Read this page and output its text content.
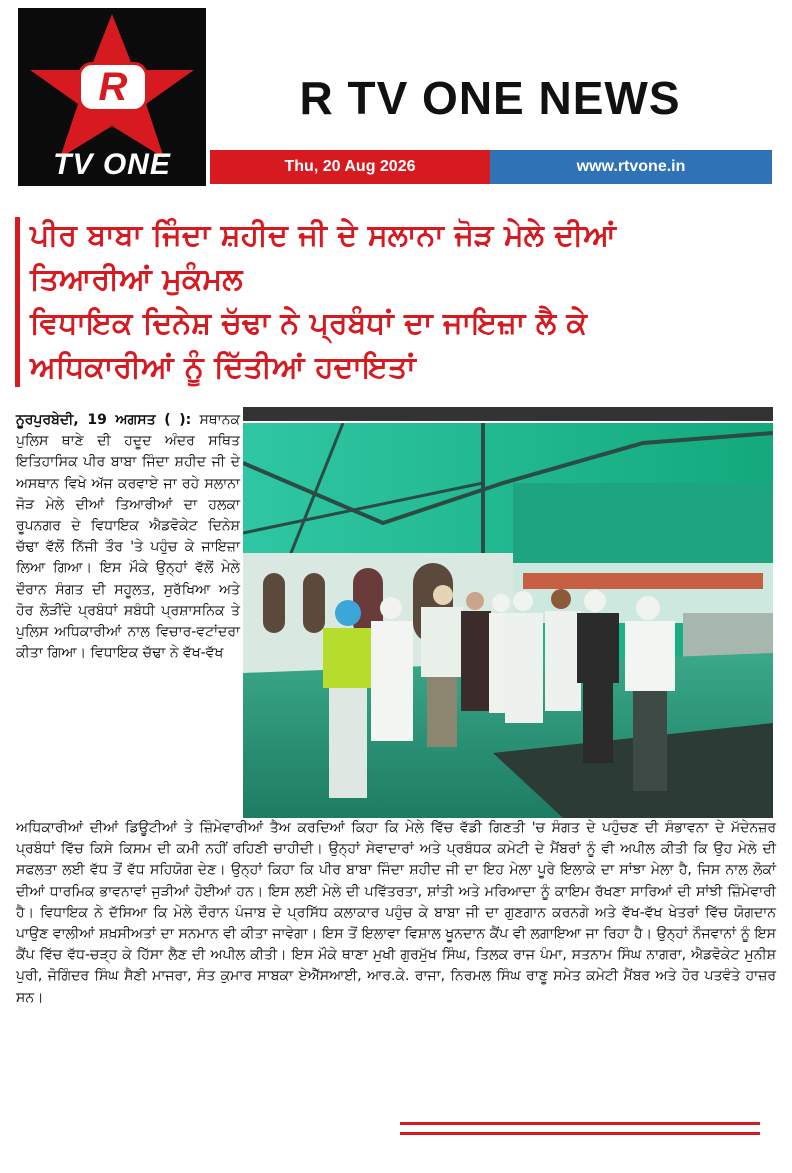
R
TV ONE
R TV ONE NEWS
Thu, 20 Aug 2026	www.rtvone.in
ਪੀਰ ਬਾਬਾ ਜਿੰਦਾ ਸ਼ਹੀਦ ਜੀ ਦੇ ਸਲਾਨਾ ਜੋੜ ਮੇਲੇ ਦੀਆਂ
ਤਿਆਰੀਆਂ ਮੁਕੰਮਲ
ਵਿਧਾਇਕ ਦਿਨੇਸ਼ ਚੱਢਾ ਨੇ ਪ੍ਰਬੰਧਾਂ ਦਾ ਜਾਇਜ਼ਾ ਲੈ ਕੇ
ਅਧਿਕਾਰੀਆਂ ਨੂੰ ਦਿੱਤੀਆਂ ਹਦਾਇਤਾਂ
ਨੂਰਪੁਰਬੇਦੀ, 19 ਅਗਸਤ ( ): ਸਥਾਨਕ ਪੁਲਿਸ ਥਾਣੇ ਦੀ ਹਦੂਦ ਅੰਦਰ ਸਥਿਤ ਇਤਿਹਾਸਿਕ ਪੀਰ ਬਾਬਾ ਜਿੰਦਾ ਸ਼ਹੀਦ ਜੀ ਦੇ ਅਸਥਾਨ ਵਿਖੇ ਅੱਜ ਕਰਵਾਏ ਜਾ ਰਹੇ ਸਲਾਨਾ ਜੋੜ ਮੇਲੇ ਦੀਆਂ ਤਿਆਰੀਆਂ ਦਾ ਹਲਕਾ ਰੂਪਨਗਰ ਦੇ ਵਿਧਾਇਕ ਐਡਵੋਕੇਟ ਦਿਨੇਸ਼ ਚੱਢਾ ਵੱਲੋਂ ਨਿੱਜੀ ਤੌਰ 'ਤੇ ਪਹੁੰਚ ਕੇ ਜਾਇਜ਼ਾ ਲਿਆ ਗਿਆ। ਇਸ ਮੌਕੇ ਉਨ੍ਹਾਂ ਵੱਲੋਂ ਮੇਲੇ ਦੌਰਾਨ ਸੰਗਤ ਦੀ ਸਹੂਲਤ, ਸੁਰੱਖਿਆ ਅਤੇ ਹੋਰ ਲੋੜੀਂਦੇ ਪ੍ਰਬੰਧਾਂ ਸਬੰਧੀ ਪ੍ਰਸ਼ਾਸਨਿਕ ਤੇ ਪੁਲਿਸ ਅਧਿਕਾਰੀਆਂ ਨਾਲ ਵਿਚਾਰ-ਵਟਾਂਦਰਾ ਕੀਤਾ ਗਿਆ। ਵਿਧਾਇਕ ਚੱਢਾ ਨੇ ਵੱਖ-ਵੱਖ
ਅਧਿਕਾਰੀਆਂ ਦੀਆਂ ਡਿਊਟੀਆਂ ਤੇ ਜ਼ਿੰਮੇਵਾਰੀਆਂ ਤੈਅ ਕਰਦਿਆਂ ਕਿਹਾ ਕਿ ਮੇਲੇ ਵਿੱਚ ਵੱਡੀ ਗਿਣਤੀ 'ਚ ਸੰਗਤ ਦੇ ਪਹੁੰਚਣ ਦੀ ਸੰਭਾਵਨਾ ਦੇ ਮੱਦੇਨਜ਼ਰ ਪ੍ਰਬੰਧਾਂ ਵਿੱਚ ਕਿਸੇ ਕਿਸਮ ਦੀ ਕਮੀ ਨਹੀਂ ਰਹਿਣੀ ਚਾਹੀਦੀ। ਉਨ੍ਹਾਂ ਸੇਵਾਦਾਰਾਂ ਅਤੇ ਪ੍ਰਬੰਧਕ ਕਮੇਟੀ ਦੇ ਮੈਂਬਰਾਂ ਨੂੰ ਵੀ ਅਪੀਲ ਕੀਤੀ ਕਿ ਉਹ ਮੇਲੇ ਦੀ ਸਫਲਤਾ ਲਈ ਵੱਧ ਤੋਂ ਵੱਧ ਸਹਿਯੋਗ ਦੇਣ। ਉਨ੍ਹਾਂ ਕਿਹਾ ਕਿ ਪੀਰ ਬਾਬਾ ਜਿੰਦਾ ਸ਼ਹੀਦ ਜੀ ਦਾ ਇਹ ਮੇਲਾ ਪੂਰੇ ਇਲਾਕੇ ਦਾ ਸਾਂਝਾ ਮੇਲਾ ਹੈ, ਜਿਸ ਨਾਲ ਲੋਕਾਂ ਦੀਆਂ ਧਾਰਮਿਕ ਭਾਵਨਾਵਾਂ ਜੁੜੀਆਂ ਹੋਈਆਂ ਹਨ। ਇਸ ਲਈ ਮੇਲੇ ਦੀ ਪਵਿੱਤਰਤਾ, ਸ਼ਾਂਤੀ ਅਤੇ ਮਰਿਆਦਾ ਨੂੰ ਕਾਇਮ ਰੱਖਣਾ ਸਾਰਿਆਂ ਦੀ ਸਾਂਝੀ ਜ਼ਿੰਮੇਵਾਰੀ ਹੈ। ਵਿਧਾਇਕ ਨੇ ਦੱਸਿਆ ਕਿ ਮੇਲੇ ਦੌਰਾਨ ਪੰਜਾਬ ਦੇ ਪ੍ਰਸਿੱਧ ਕਲਾਕਾਰ ਪਹੁੰਚ ਕੇ ਬਾਬਾ ਜੀ ਦਾ ਗੁਣਗਾਨ ਕਰਨਗੇ ਅਤੇ ਵੱਖ-ਵੱਖ ਖੇਤਰਾਂ ਵਿੱਚ ਯੋਗਦਾਨ ਪਾਉਣ ਵਾਲੀਆਂ ਸ਼ਖ਼ਸੀਅਤਾਂ ਦਾ ਸਨਮਾਨ ਵੀ ਕੀਤਾ ਜਾਵੇਗਾ। ਇਸ ਤੋਂ ਇਲਾਵਾ ਵਿਸ਼ਾਲ ਖੂਨਦਾਨ ਕੈਂਪ ਵੀ ਲਗਾਇਆ ਜਾ ਰਿਹਾ ਹੈ। ਉਨ੍ਹਾਂ ਨੌਜਵਾਨਾਂ ਨੂੰ ਇਸ ਕੈਂਪ ਵਿੱਚ ਵੱਧ-ਚੜ੍ਹ ਕੇ ਹਿੱਸਾ ਲੈਣ ਦੀ ਅਪੀਲ ਕੀਤੀ। ਇਸ ਮੌਕੇ ਥਾਣਾ ਮੁਖੀ ਗੁਰਮੁੱਖ ਸਿੰਘ, ਤਿਲਕ ਰਾਜ ਪੰਮਾ, ਸਤਨਾਮ ਸਿੰਘ ਨਾਗਰਾ, ਐਡਵੋਕੇਟ ਮੁਨੀਸ਼ ਪੁਰੀ, ਜੋਗਿੰਦਰ ਸਿੰਘ ਸੈਣੀ ਮਾਜਰਾ, ਸੰਤ ਕੁਮਾਰ ਸਾਬਕਾ ਏਐੱਸਆਈ, ਆਰ.ਕੇ. ਰਾਜਾ, ਨਿਰਮਲ ਸਿੰਘ ਰਾਣੂ ਸਮੇਤ ਕਮੇਟੀ ਮੈਂਬਰ ਅਤੇ ਹੋਰ ਪਤਵੰਤੇ ਹਾਜ਼ਰ ਸਨ।
